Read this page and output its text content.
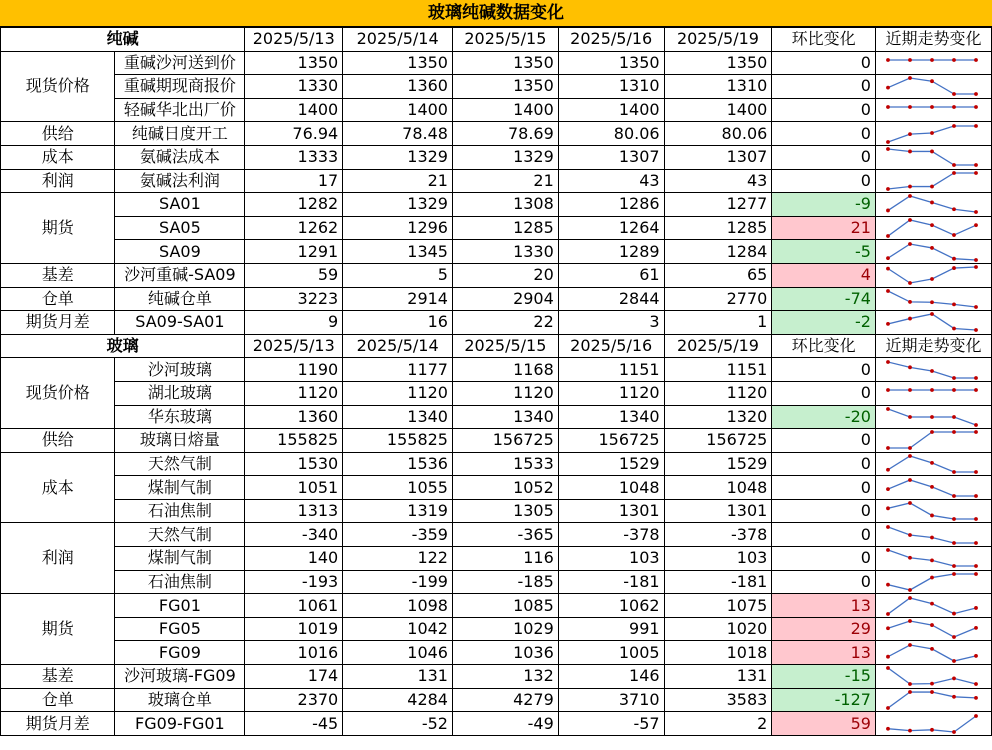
玻璃纯碱数据变化
纯碱		2025/5/13	2025/5/14	2025/5/15	2025/5/16	2025/5/19	环比变化	近期走势变化
现货价格	重碱沙河送到价	1350	1350	1350	1350	1350	0	

	重碱期现商报价	1330	1360	1350	1310	1310	0	

	轻碱华北出厂价	1400	1400	1400	1400	1400	0	

供给	纯碱日度开工	76.94	78.48	78.69	80.06	80.06	0	

成本	氨碱法成本	1333	1329	1329	1307	1307	0	

利润	氨碱法利润	17	21	21	43	43	0	

期货	SA01	1282	1329	1308	1286	1277	-9	

	SA05	1262	1296	1285	1264	1285	21	

	SA09	1291	1345	1330	1289	1284	-5	

基差	沙河重碱-SA09	59	5	20	61	65	4	

仓单	纯碱仓单	3223	2914	2904	2844	2770	-74	

期货月差	SA09-SA01	9	16	22	3	1	-2	

玻璃		2025/5/13	2025/5/14	2025/5/15	2025/5/16	2025/5/19	环比变化	近期走势变化
现货价格	沙河玻璃	1190	1177	1168	1151	1151	0	

	湖北玻璃	1120	1120	1120	1120	1120	0	

	华东玻璃	1360	1340	1340	1340	1320	-20	

供给	玻璃日熔量	155825	155825	156725	156725	156725	0	

成本	天然气制	1530	1536	1533	1529	1529	0	

	煤制气制	1051	1055	1052	1048	1048	0	

	石油焦制	1313	1319	1305	1301	1301	0	

利润	天然气制	-340	-359	-365	-378	-378	0	

	煤制气制	140	122	116	103	103	0	

	石油焦制	-193	-199	-185	-181	-181	0	

期货	FG01	1061	1098	1085	1062	1075	13	

	FG05	1019	1042	1029	991	1020	29	

	FG09	1016	1046	1036	1005	1018	13	

基差	沙河玻璃-FG09	174	131	132	146	131	-15	

仓单	玻璃仓单	2370	4284	4279	3710	3583	-127	

期货月差	FG09-FG01	-45	-52	-49	-57	2	59	
